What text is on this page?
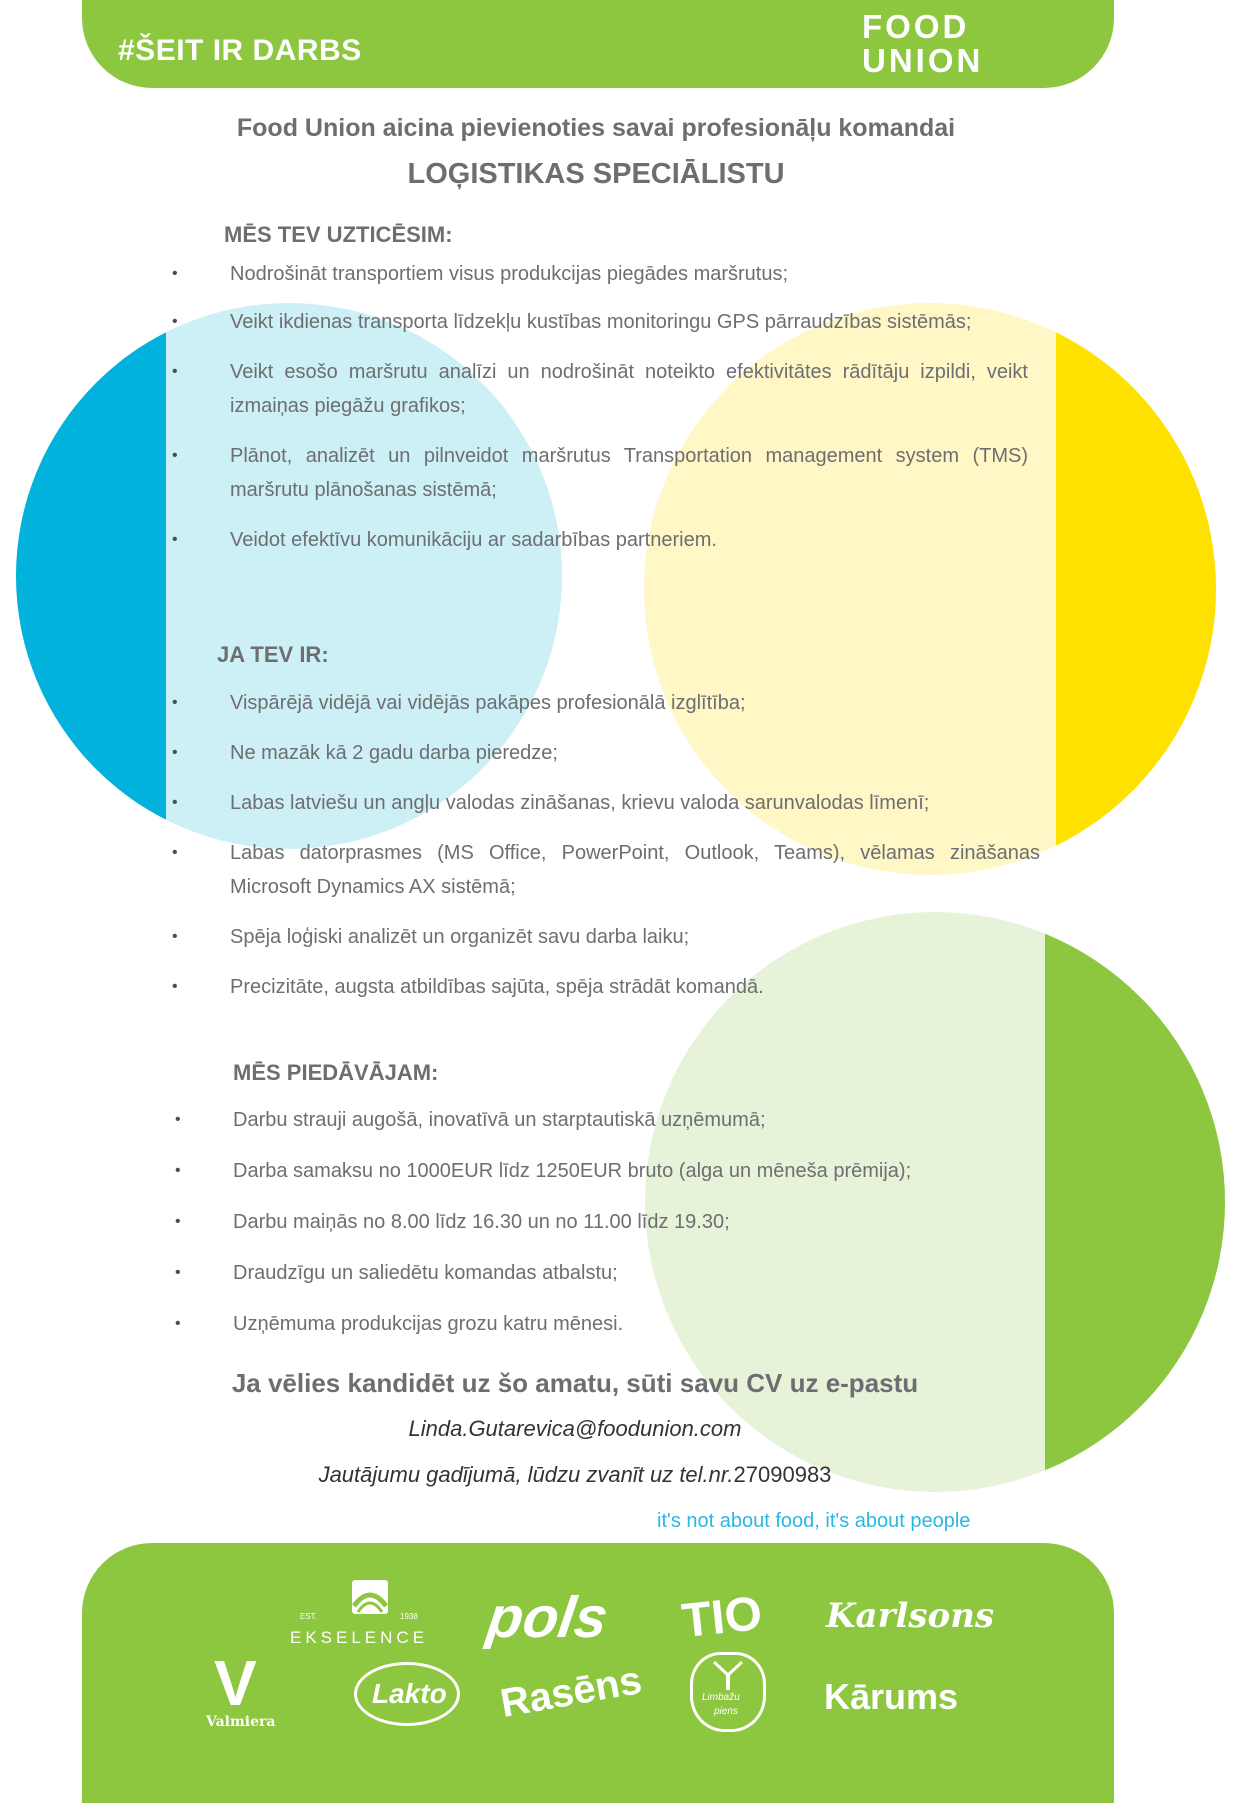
#ŠEIT IR DARBS
FOOD
UNION
Food Union aicina pievienoties savai profesionāļu komandai
LOĢISTIKAS SPECIĀLISTU
MĒS TEV UZTICĒSIM:
• Nodrošināt transportiem visus produkcijas piegādes maršrutus;
• Veikt ikdienas transporta līdzekļu kustības monitoringu GPS pārraudzības sistēmās;
• Veikt esošo maršrutu analīzi un nodrošināt noteikto efektivitātes rādītāju izpildi, veikt izmaiņas piegāžu grafikos;
• Plānot, analizēt un pilnveidot maršrutus Transportation management system (TMS) maršrutu plānošanas sistēmā;
• Veidot efektīvu komunikāciju ar sadarbības partneriem.
JA TEV IR:
• Vispārējā vidējā vai vidējās pakāpes profesionālā izglītība;
• Ne mazāk kā 2 gadu darba pieredze;
• Labas latviešu un angļu valodas zināšanas, krievu valoda sarunvalodas līmenī;
• Labas datorprasmes (MS Office, PowerPoint, Outlook, Teams), vēlamas zināšanas Microsoft Dynamics AX sistēmā;
• Spēja loģiski analizēt un organizēt savu darba laiku;
• Precizitāte, augsta atbildības sajūta, spēja strādāt komandā.
MĒS PIEDĀVĀJAM:
• Darbu strauji augošā, inovatīvā un starptautiskā uzņēmumā;
• Darba samaksu no 1000EUR līdz 1250EUR bruto (alga un mēneša prēmija);
• Darbu maiņās no 8.00 līdz 16.30 un no 11.00 līdz 19.30;
• Draudzīgu un saliedētu komandas atbalstu;
• Uzņēmuma produkcijas grozu katru mēnesi.
Ja vēlies kandidēt uz šo amatu, sūti savu CV uz e-pastu
Linda.Gutarevica@foodunion.com
Jautājumu gadījumā, lūdzu zvanīt uz tel.nr.27090983
it's not about food, it's about people
EST.	1938
EKSELENCE pols TIO Karlsons
V
Valmiera
Lakto Rasēns	Limbažu
piens Kārums
